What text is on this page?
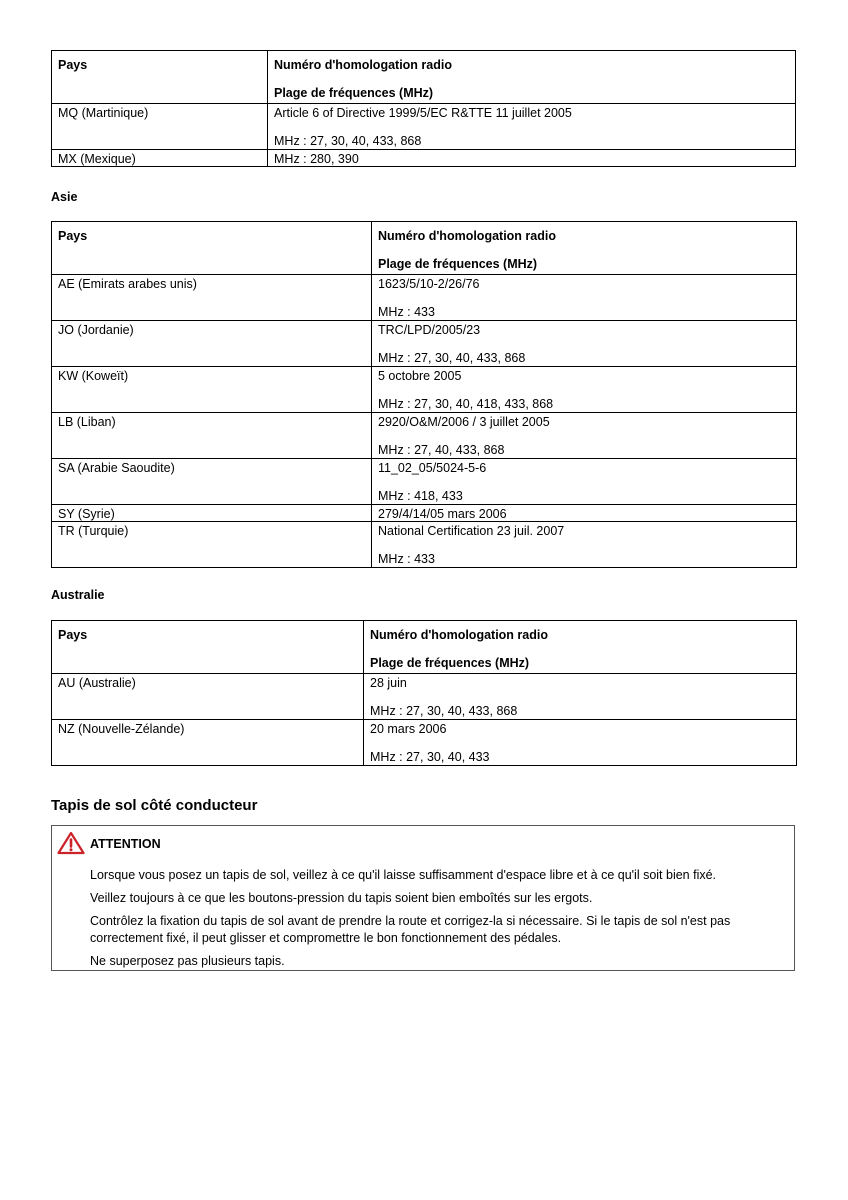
Pays	Numéro d'homologation radio
Plage de fréquences (MHz)

MQ (Martinique)	Article 6 of Directive 1999/5/EC R&TTE 11 juillet 2005
MHz : 27, 30, 40, 433, 868

MX (Mexique)	MHz : 280, 390
Asie
Pays	Numéro d'homologation radio
Plage de fréquences (MHz)

AE (Emirats arabes unis)	1623/5/10-2/26/76
MHz : 433

JO (Jordanie)	TRC/LPD/2005/23
MHz : 27, 30, 40, 433, 868

KW (Koweït)	5 octobre 2005
MHz : 27, 30, 40, 418, 433, 868

LB (Liban)	2920/O&M/2006 / 3 juillet 2005
MHz : 27, 40, 433, 868

SA (Arabie Saoudite)	11_02_05/5024-5-6
MHz : 418, 433

SY (Syrie)	279/4/14/05 mars 2006

TR (Turquie)	National Certification 23 juil. 2007
MHz : 433
Australie
Pays	Numéro d'homologation radio
Plage de fréquences (MHz)

AU (Australie)	28 juin
MHz : 27, 30, 40, 433, 868

NZ (Nouvelle-Zélande)	20 mars 2006
MHz : 27, 30, 40, 433
Tapis de sol côté conducteur
ATTENTION

Lorsque vous posez un tapis de sol, veillez à ce qu'il laisse suffisamment d'espace libre et à ce qu'il soit bien fixé.

Veillez toujours à ce que les boutons-pression du tapis soient bien emboîtés sur les ergots.

Contrôlez la fixation du tapis de sol avant de prendre la route et corrigez-la si nécessaire. Si le tapis de sol n'est pas correctement fixé, il peut glisser et compromettre le bon fonctionnement des pédales.

Ne superposez pas plusieurs tapis.
